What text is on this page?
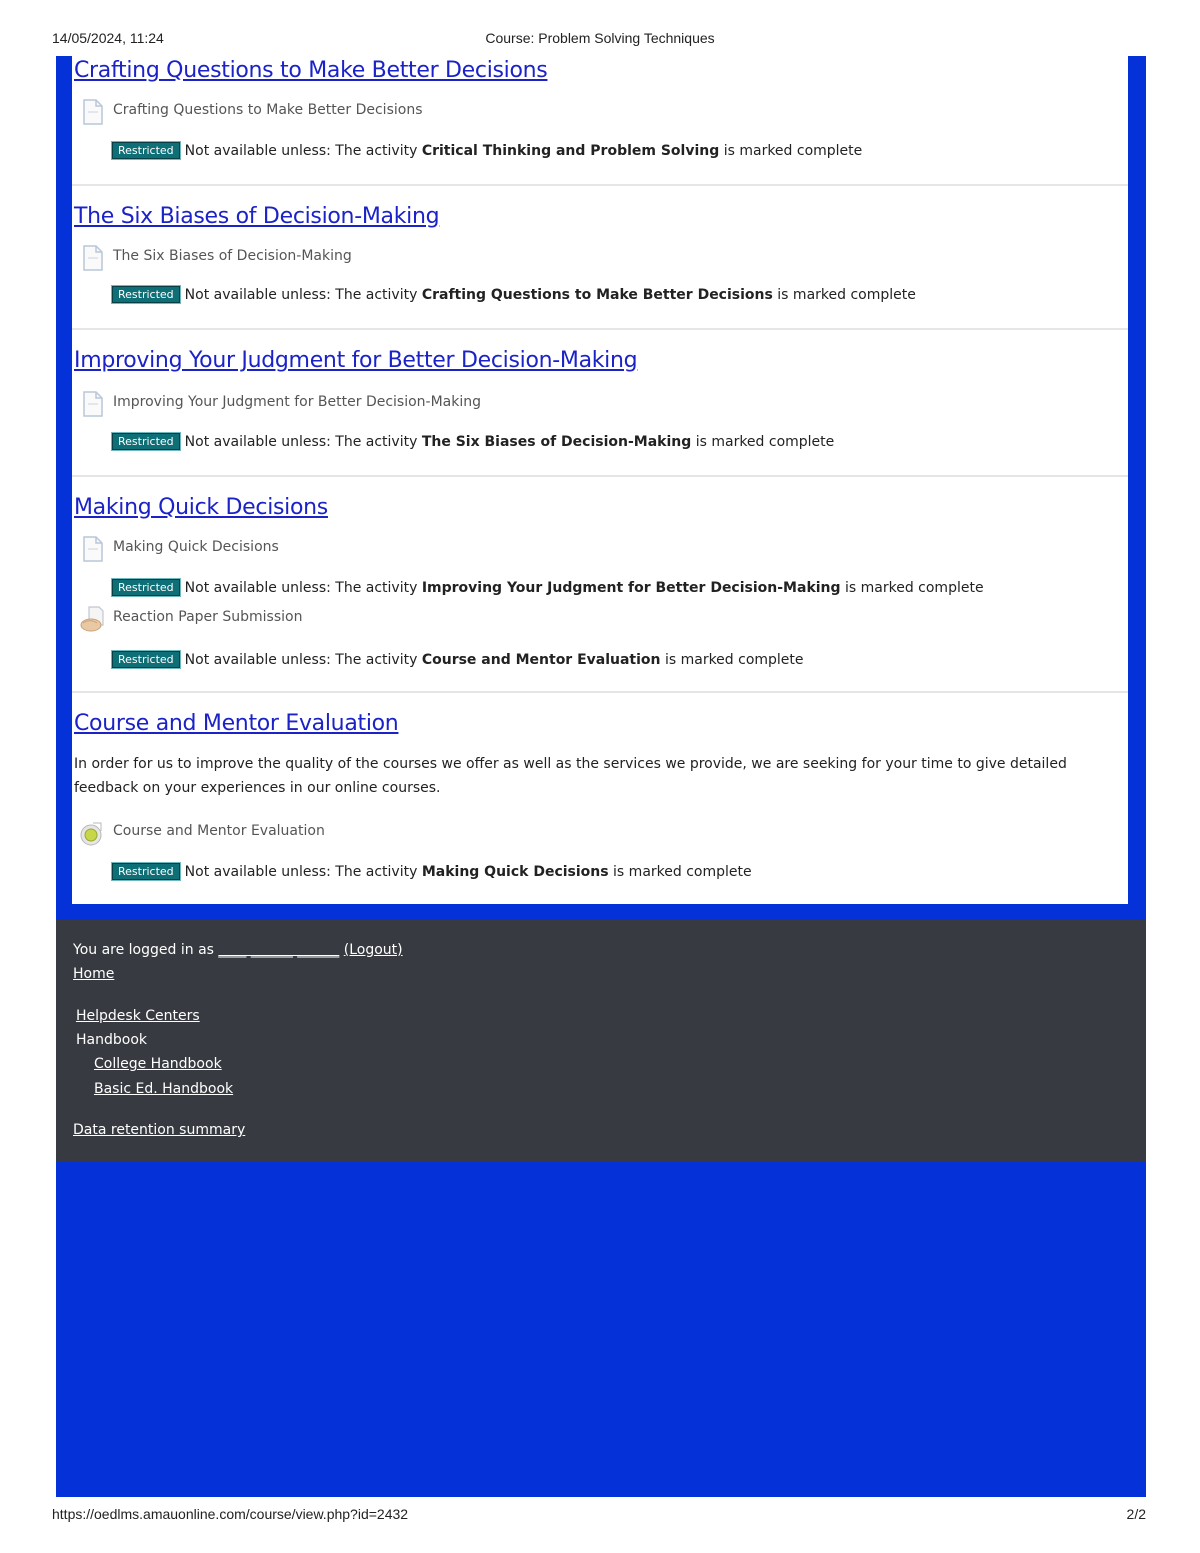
14/05/2024, 11:24	Course: Problem Solving Techniques
Crafting Questions to Make Better Decisions
Crafting Questions to Make Better Decisions
Restricted Not available unless: The activity Critical Thinking and Problem Solving is marked complete
The Six Biases of Decision-Making
The Six Biases of Decision-Making
Restricted Not available unless: The activity Crafting Questions to Make Better Decisions is marked complete
Improving Your Judgment for Better Decision-Making
Improving Your Judgment for Better Decision-Making
Restricted Not available unless: The activity The Six Biases of Decision-Making is marked complete
Making Quick Decisions
Making Quick Decisions
Restricted Not available unless: The activity Improving Your Judgment for Better Decision-Making is marked complete
Reaction Paper Submission
Restricted Not available unless: The activity Course and Mentor Evaluation is marked complete
Course and Mentor Evaluation
In order for us to improve the quality of the courses we offer as well as the services we provide, we are seeking for your time to give detailed feedback on your experiences in our online courses.
Course and Mentor Evaluation
Restricted Not available unless: The activity Making Quick Decisions is marked complete
You are logged in as ____ ______ ______ (Logout)
Home
Helpdesk Centers
Handbook
College Handbook
Basic Ed. Handbook
Data retention summary
https://oedlms.amauonline.com/course/view.php?id=2432	2/2
